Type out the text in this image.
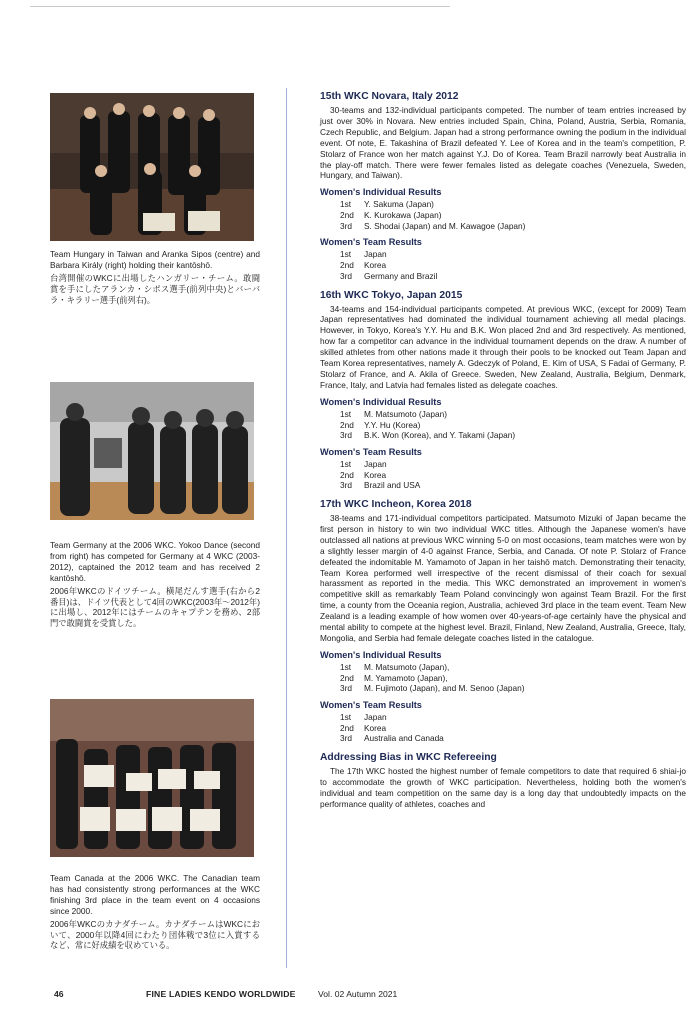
Team Hungary in Taiwan and Aranka Sipos (centre) and Barbara Király (right) holding their kantōshō.

台湾開催のWKCに出場したハンガリー・チーム。敢闘賞を手にしたアランカ・シポス選手(前列中央)とバーバラ・キラリー選手(前列右)。

Team Germany at the 2006 WKC. Yokoo Dance (second from right) has competed for Germany at 4 WKC (2003-2012), captained the 2012 team and has received 2 kantōshō.

2006年WKCのドイツチーム。横尾だんす選手(右から2番目)は、ドイツ代表として4回のWKC(2003年〜2012年)に出場し、2012年にはチームのキャプテンを務め、2部門で敢闘賞を受賞した。

Team Canada at the 2006 WKC. The Canadian team has had consistently strong performances at the WKC finishing 3rd place in the team event on 4 occasions since 2000.

2006年WKCのカナダチーム。カナダチームはWKCにおいて、2000年以降4回にわたり団体戦で3位に入賞するなど、常に好成績を収めている。

15th WKC Novara, Italy 2012

30-teams and 132-individual participants competed. The number of team entries increased by just over 30% in Novara. New entries included Spain, China, Poland, Austria, Serbia, Romania, Czech Republic, and Belgium. Japan had a strong performance owning the podium in the individual event. Of note, E. Takashina of Brazil defeated Y. Lee of Korea and in the team's competition, P. Stolarz of France won her match against Y.J. Do of Korea. Team Brazil narrowly beat Australia in the play-off match. There were fewer females listed as delegate coaches (Venezuela, Sweden, Hungary, and Taiwan).

Women's Individual Results
1st	Y. Sakuma (Japan)
2nd	K. Kurokawa (Japan)
3rd	S. Shodai (Japan) and M. Kawagoe (Japan)
Women's Team Results
1st	Japan
2nd	Korea
3rd	Germany and Brazil
16th WKC Tokyo, Japan 2015

34-teams and 154-individual participants competed. At previous WKC, (except for 2009) Team Japan representatives had dominated the individual tournament achieving all medal placings. However, in Tokyo, Korea's Y.Y. Hu and B.K. Won placed 2nd and 3rd respectively. As mentioned, how far a competitor can advance in the individual tournament depends on the draw. A number of skilled athletes from other nations made it through their pools to be knocked out Team Japan and Team Korea representatives, namely A. Gdeczyk of Poland, E. Kim of USA, S Fadai of Germany, P. Stolarz of France, and A. Akila of Greece. Sweden, New Zealand, Australia, Belgium, Denmark, France, Italy, and Latvia had females listed as delegate coaches.

Women's Individual Results
1st	M. Matsumoto (Japan)
2nd	Y.Y. Hu (Korea)
3rd	B.K. Won (Korea), and Y. Takami (Japan)
Women's Team Results
1st	Japan
2nd	Korea
3rd	Brazil and USA
17th WKC Incheon, Korea 2018

38-teams and 171-individual competitors participated. Matsumoto Mizuki of Japan became the first person in history to win two individual WKC titles. Although the Japanese women's have outclassed all nations at previous WKC winning 5-0 on most occasions, team matches were won by a slightly lesser margin of 4-0 against France, Serbia, and Canada. Of note P. Stolarz of France defeated the indomitable M. Yamamoto of Japan in her taishō match. Demonstrating their tenacity, Team Korea performed well irrespective of the recent dismissal of their coach for sexual harassment as reported in the media. This WKC demonstrated an improvement in women's competitive skill as remarkably Team Poland convincingly won against Team Brazil. For the first time, a county from the Oceania region, Australia, achieved 3rd place in the team event. Team New Zealand is a leading example of how women over 40-years-of-age certainly have the physical and mental ability to compete at the highest level. Brazil, Finland, New Zealand, Australia, Greece, Italy, Mongolia, and Serbia had female delegate coaches listed in the catalogue.

Women's Individual Results
1st	M. Matsumoto (Japan),
2nd	M. Yamamoto (Japan),
3rd	M. Fujimoto (Japan), and M. Senoo (Japan)
Women's Team Results
1st	Japan
2nd	Korea
3rd	Australia and Canada
Addressing Bias in WKC Refereeing

The 17th WKC hosted the highest number of female competitors to date that required 6 shiai-jo to accommodate the growth of WKC participation. Nevertheless, holding both the women's individual and team competition on the same day is a long day that undoubtedly impacts on the performance quality of athletes, coaches and

46	FINE LADIES KENDO WORLDWIDE	Vol. 02 Autumn 2021
